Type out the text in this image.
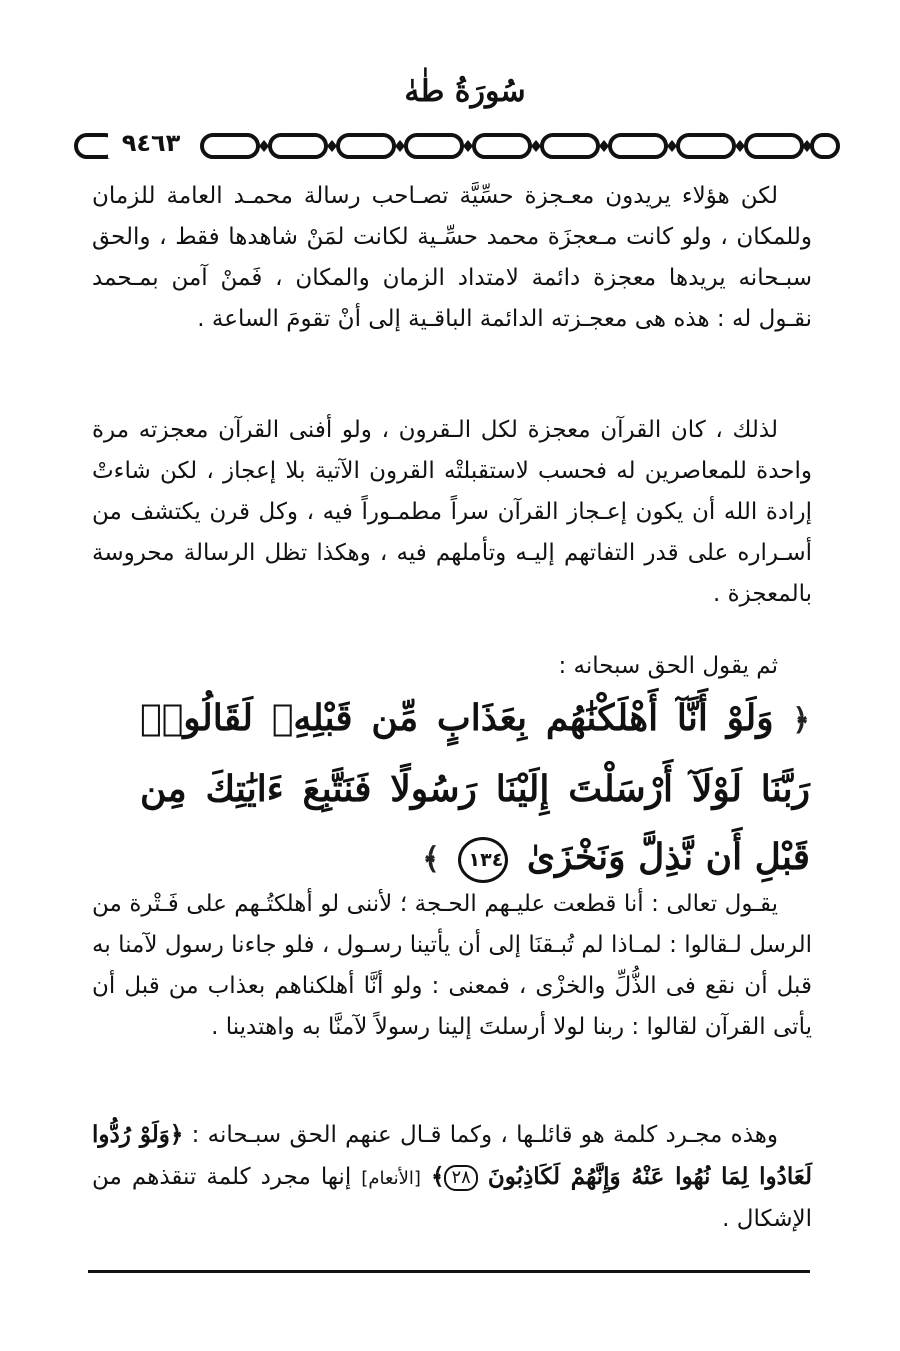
سُورَةُ طٰهٰ
٩٤٦٣
لكن هؤلاء يريدون معـجزة حسِّيَّة تصـاحب رسالة محمـد العامة للزمان وللمكان ، ولو كانت مـعجزَة محمد حسِّـية لكانت لمَنْ شاهدها فقط ، والحق سبـحانه يريدها معجزة دائمة لامتداد الزمان والمكان ، فَمنْ آمن بمـحمد نقـول له : هذه هى معجـزته الدائمة الباقـية إلى أنْ تقومَ الساعة .
لذلك ، كان القرآن معجزة لكل الـقرون ، ولو أفنى القرآن معجزته مرة واحدة للمعاصرين له فحسب لاستقبلتْه القرون الآتية بلا إعجاز ، لكن شاءتْ إرادة الله أن يكون إعـجاز القرآن سراً مطمـوراً فيه ، وكل قرن يكتشف من أسـراره على قدر التفاتهم إليـه وتأملهم فيه ، وهكذا تظل الرسالة محروسة بالمعجزة .
ثم يقول الحق سبحانه :
﴿ وَلَوْ أَنَّآ أَهْلَكْنَٰهُم بِعَذَابٍ مِّن قَبْلِهِۦ لَقَالُوا۟ رَبَّنَا لَوْلَآ أَرْسَلْتَ إِلَيْنَا رَسُولًا فَنَتَّبِعَ ءَايَٰتِكَ مِن قَبْلِ أَن نَّذِلَّ وَنَخْزَىٰ ١٣٤ ﴾
يقـول تعالى : أنا قطعت عليـهم الحـجة ؛ لأننى لو أهلكتُـهم على فَـتْرة من الرسل لـقالوا : لمـاذا لم تُبـقنَا إلى أن يأتينا رسـول ، فلو جاءنا رسول لآمنا به قبل أن نقع فى الذُّلِّ والخزْى ، فمعنى : ولو أنَّا أهلكناهم بعذاب من قبل أن يأتى القرآن لقالوا : ربنا لولا أرسلتَ إلينا رسولاً لآمنَّا به واهتدينا .
وهذه مجـرد كلمة هو قائلـها ، وكما قـال عنهم الحق سبـحانه : ﴿وَلَوْ رُدُّوا لَعَادُوا لِمَا نُهُوا عَنْهُ وَإِنَّهُمْ لَكَاذِبُونَ ٢٨﴾ [الأنعام] إنها مجرد كلمة تنقذهم من الإشكال .
